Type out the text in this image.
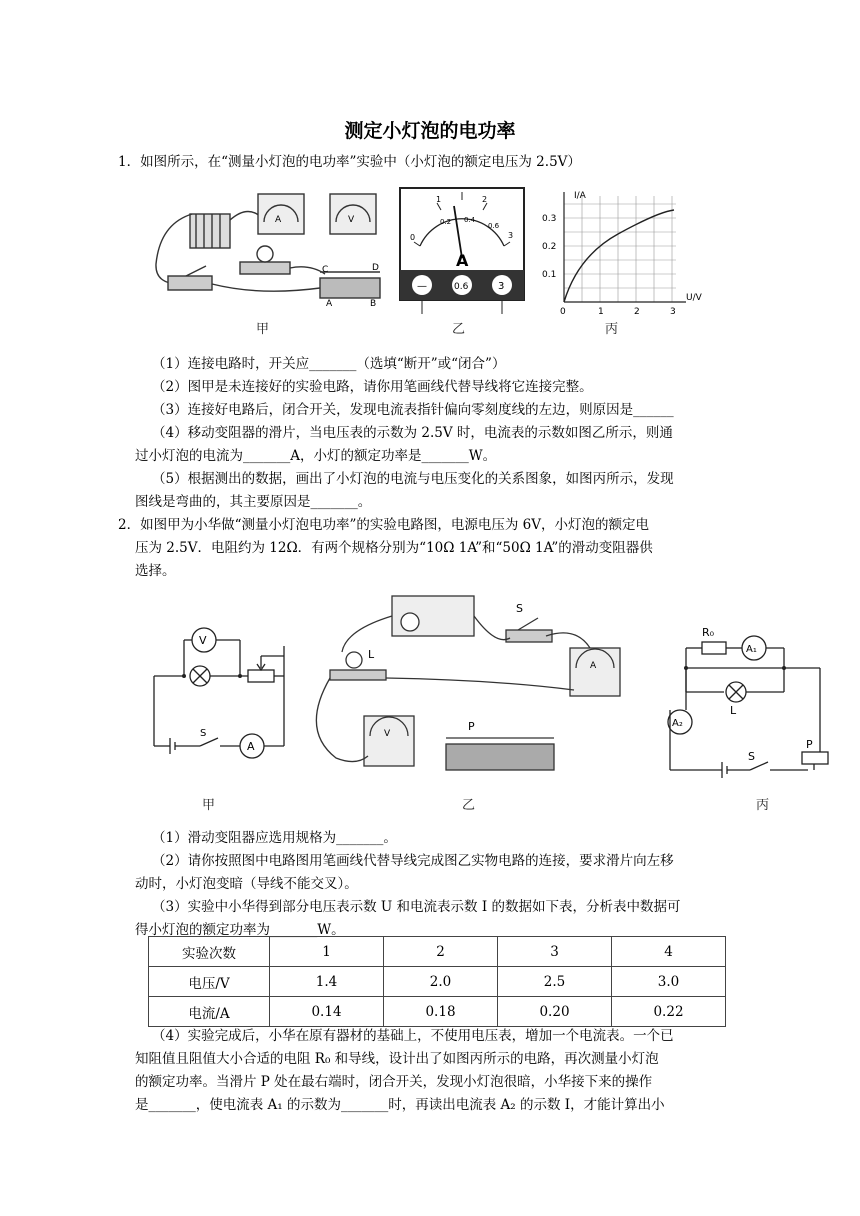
测定小灯泡的电功率
1．如图所示，在“测量小灯泡的电功率”实验中（小灯泡的额定电压为 2.5V）
A	V
C	D
A	B
甲
0
1	2
3
0.2 0.4
0.6
A
—	0.6	3
乙
I/A
U/V
0.3
0.2
0.1
0	1	2	3
丙
（1）连接电路时，开关应_______（选填“断开”或“闭合”）
（2）图甲是未连接好的实验电路，请你用笔画线代替导线将它连接完整。
（3）连接好电路后，闭合开关，发现电流表指针偏向零刻度线的左边，则原因是______
（4）移动变阻器的滑片，当电压表的示数为 2.5V 时，电流表的示数如图乙所示，则通
过小灯泡的电流为_______A，小灯的额定功率是_______W。
（5）根据测出的数据，画出了小灯泡的电流与电压变化的关系图象，如图丙所示，发现
图线是弯曲的，其主要原因是_______。
2．如图甲为小华做“测量小灯泡电功率”的实验电路图，电源电压为 6V，小灯泡的额定电
压为 2.5V．电阻约为 12Ω．有两个规格分别为“10Ω 1A”和“50Ω 1A”的滑动变阻器供
选择。
V
A
S
甲
L
S
P
V
A
乙
R₀
A₁
L
A₂
S
P
丙
（1）滑动变阻器应选用规格为_______。
（2）请你按照图中电路图用笔画线代替导线完成图乙实物电路的连接，要求滑片向左移
动时，小灯泡变暗（导线不能交叉）。
（3）实验中小华得到部分电压表示数 U 和电流表示数 I 的数据如下表，分析表中数据可
得小灯泡的额定功率为_______W。
实验次数	1	2	3	4
电压/V	1.4	2.0	2.5	3.0
电流/A	0.14	0.18	0.20	0.22
（4）实验完成后，小华在原有器材的基础上，不使用电压表，增加一个电流表。一个已
知阻值且阻值大小合适的电阻 R₀ 和导线，设计出了如图丙所示的电路，再次测量小灯泡
的额定功率。当滑片 P 处在最右端时，闭合开关，发现小灯泡很暗，小华接下来的操作
是_______，使电流表 A₁ 的示数为_______时，再读出电流表 A₂ 的示数 I，才能计算出小
